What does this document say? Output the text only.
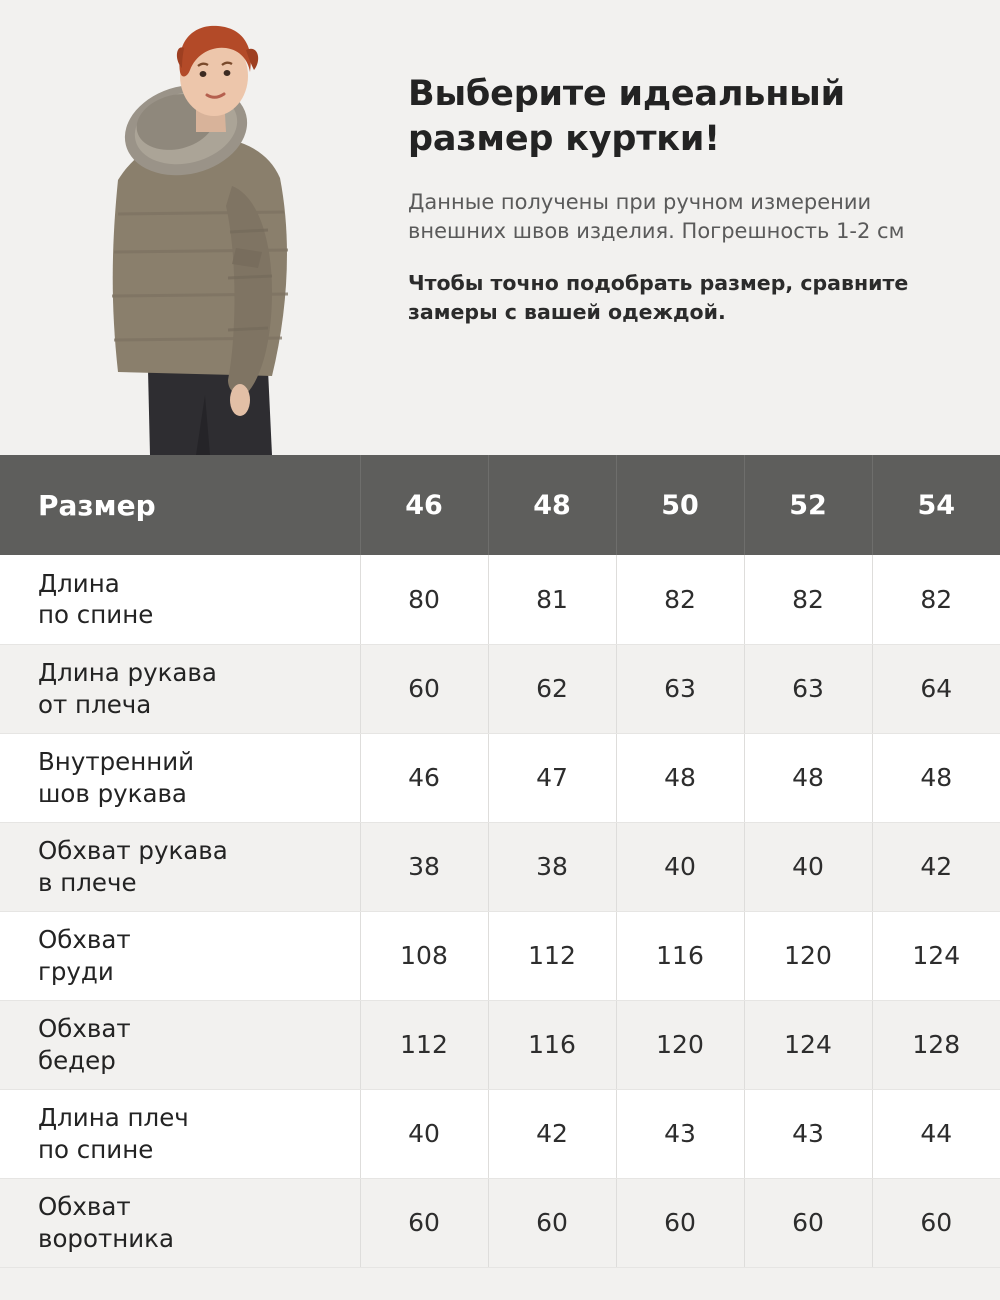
Выберите идеальный размер куртки!

Данные получены при ручном измерении внешних швов изделия. Погрешность 1-2 см

Чтобы точно подобрать размер, сравните замеры с вашей одеждой.

Размер	46	48	50	52	54

Длина
по спине	80	81	82	82	82

Длина рукава
от плеча	60	62	63	63	64

Внутренний
шов рукава	46	47	48	48	48

Обхват рукава
в плече	38	38	40	40	42

Обхват
груди	108	112	116	120	124

Обхват
бедер	112	116	120	124	128

Длина плеч
по спине	40	42	43	43	44

Обхват
воротника	60	60	60	60	60
